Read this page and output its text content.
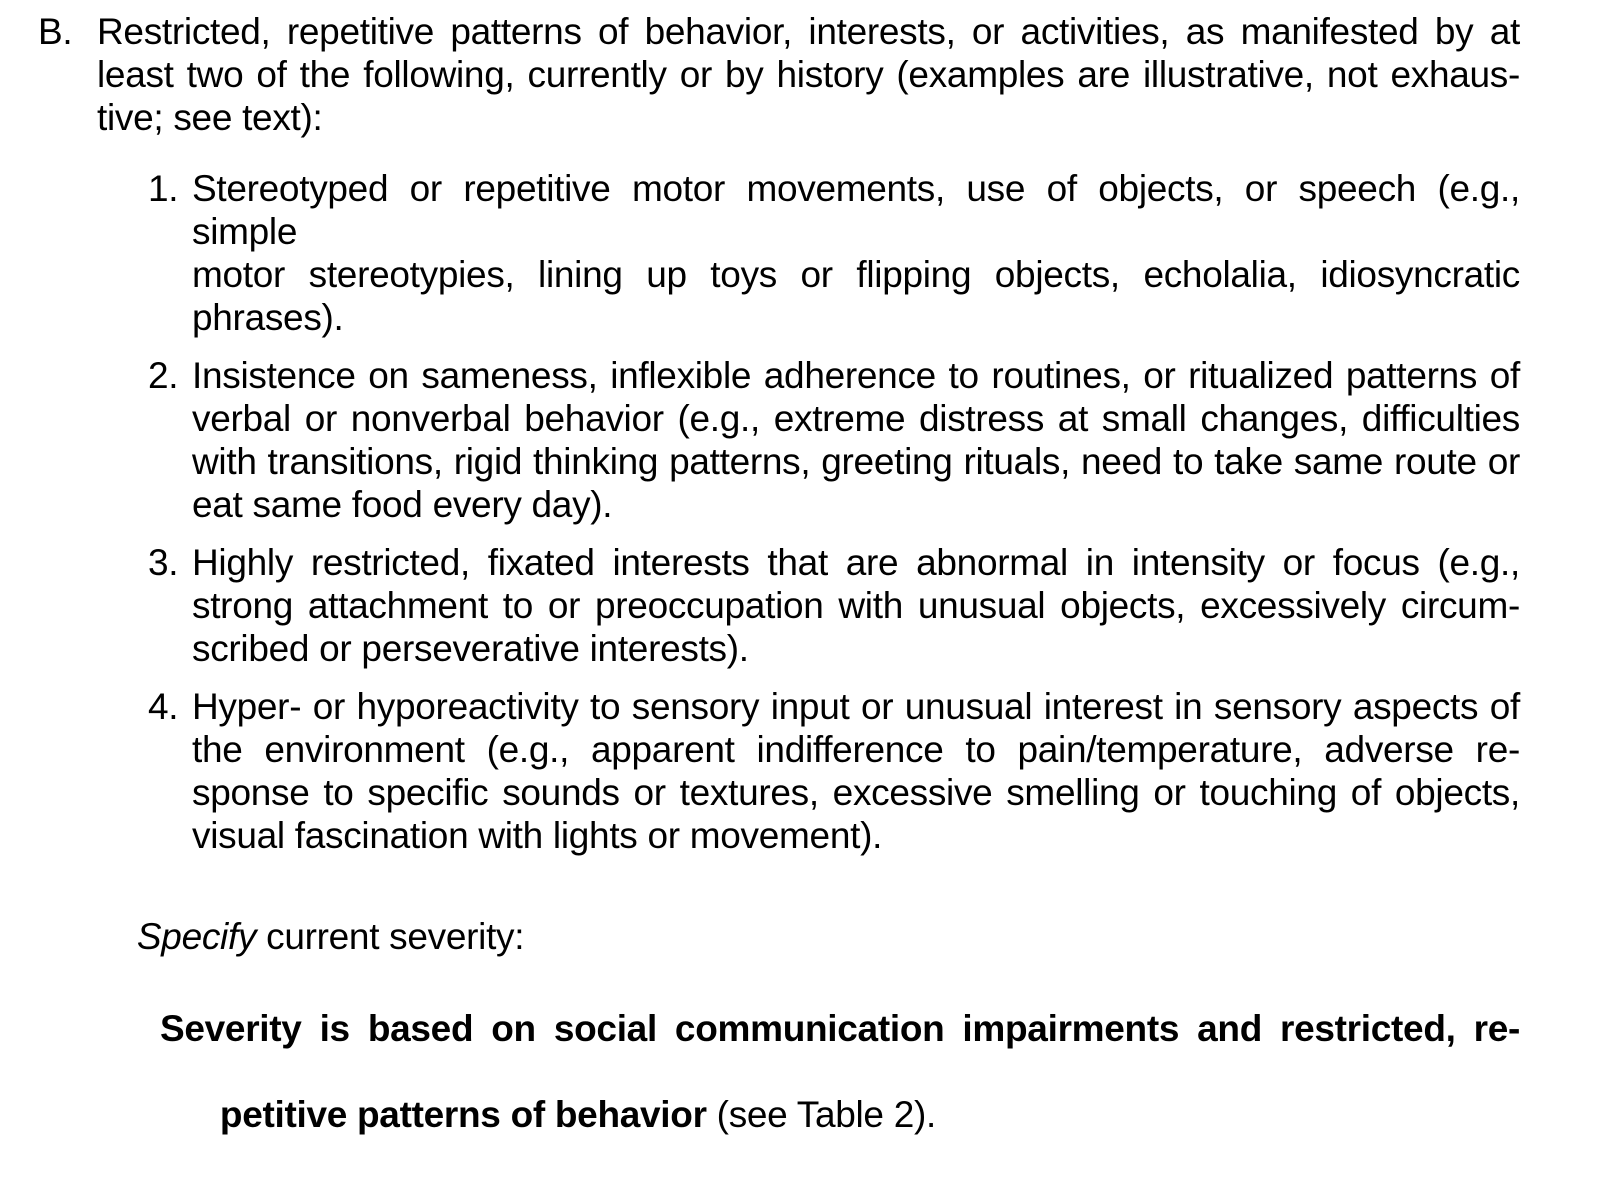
B. Restricted, repetitive patterns of behavior, interests, or activities, as manifested by at
least two of the following, currently or by history (examples are illustrative, not exhaus-
tive; see text):
1. Stereotyped or repetitive motor movements, use of objects, or speech (e.g., simple
motor stereotypies, lining up toys or flipping objects, echolalia, idiosyncratic
phrases).
2. Insistence on sameness, inflexible adherence to routines, or ritualized patterns of
verbal or nonverbal behavior (e.g., extreme distress at small changes, difficulties
with transitions, rigid thinking patterns, greeting rituals, need to take same route or
eat same food every day).
3. Highly restricted, fixated interests that are abnormal in intensity or focus (e.g.,
strong attachment to or preoccupation with unusual objects, excessively circum-
scribed or perseverative interests).
4. Hyper- or hyporeactivity to sensory input or unusual interest in sensory aspects of
the environment (e.g., apparent indifference to pain/temperature, adverse re-
sponse to specific sounds or textures, excessive smelling or touching of objects,
visual fascination with lights or movement).

Specify current severity:

Severity is based on social communication impairments and restricted, re-

petitive patterns of behavior (see Table 2).
